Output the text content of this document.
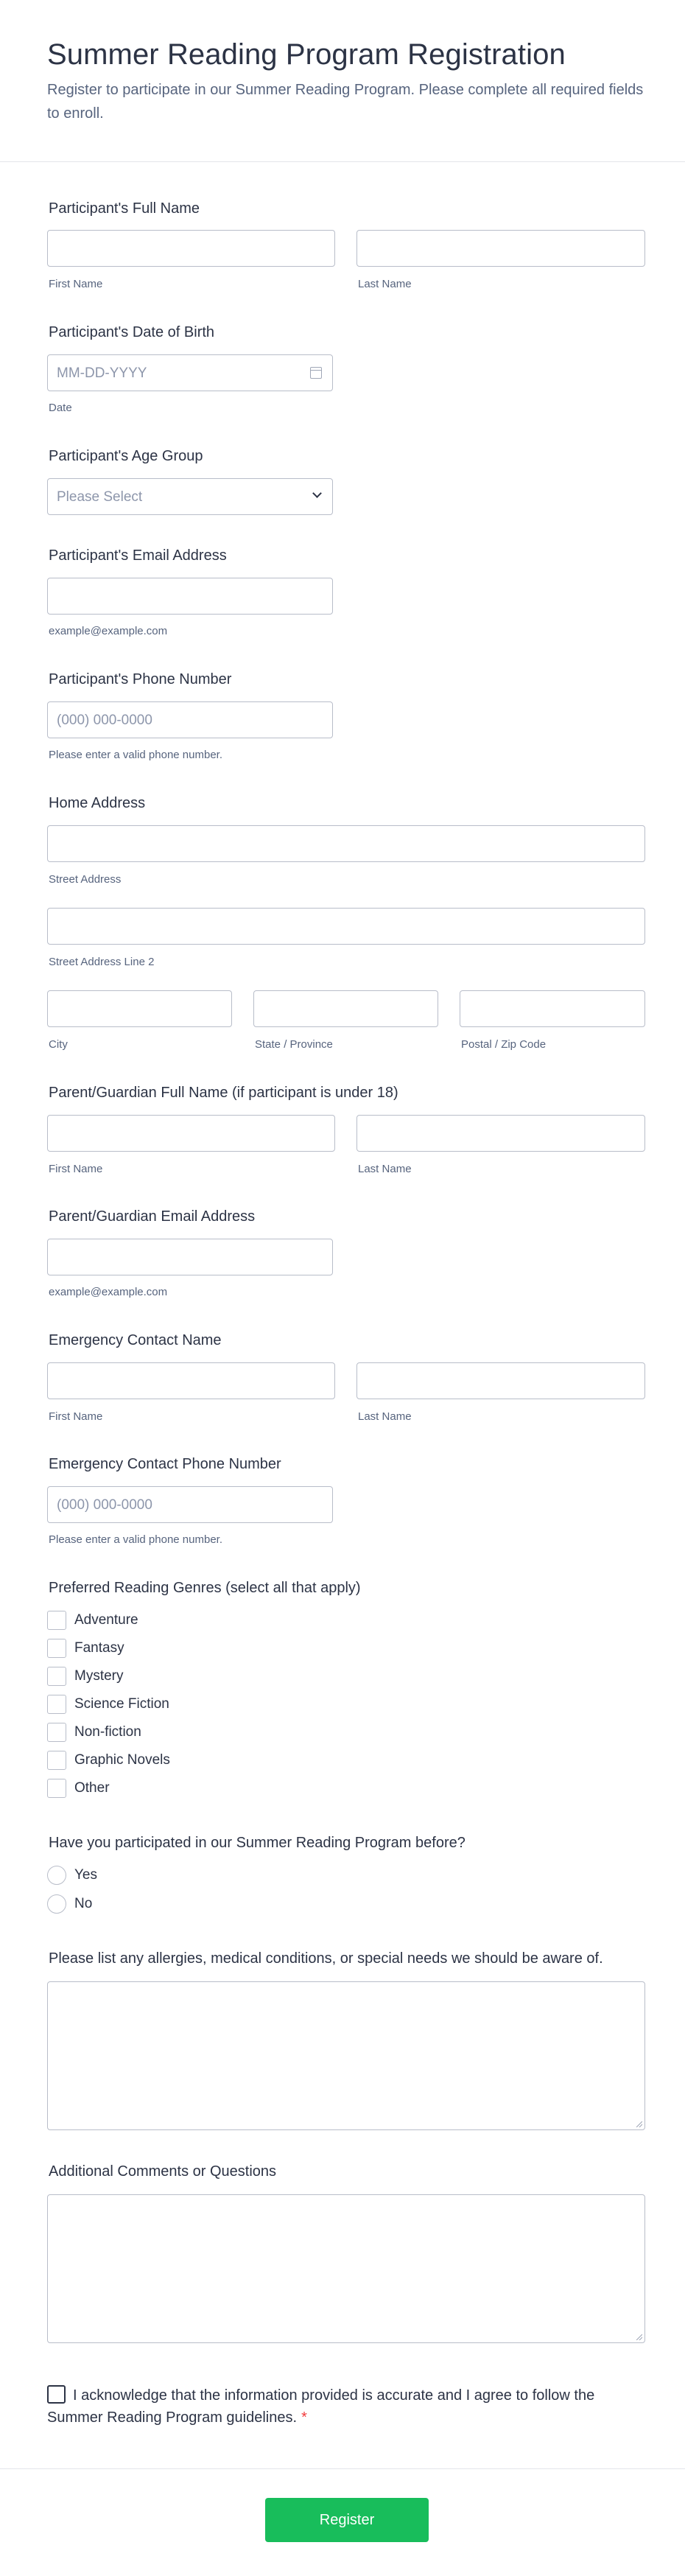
Summer Reading Program Registration

Register to participate in our Summer Reading Program. Please complete all required fields to enroll.

Participant's Full Name
First Name	Last Name
Participant's Date of Birth
MM-DD-YYYY
Date
Participant's Age Group
Please Select
Participant's Email Address
example@example.com
Participant's Phone Number
(000) 000-0000
Please enter a valid phone number.
Home Address
Street Address
Street Address Line 2
City	State / Province	Postal / Zip Code
Parent/Guardian Full Name (if participant is under 18)
First Name	Last Name
Parent/Guardian Email Address
example@example.com
Emergency Contact Name
First Name	Last Name
Emergency Contact Phone Number
(000) 000-0000
Please enter a valid phone number.
Preferred Reading Genres (select all that apply)
Adventure
Fantasy
Mystery
Science Fiction
Non-fiction
Graphic Novels
Other
Have you participated in our Summer Reading Program before?
Yes
No
Please list any allergies, medical conditions, or special needs we should be aware of.
Additional Comments or Questions
I acknowledge that the information provided is accurate and I agree to follow the Summer Reading Program guidelines. *
Register
